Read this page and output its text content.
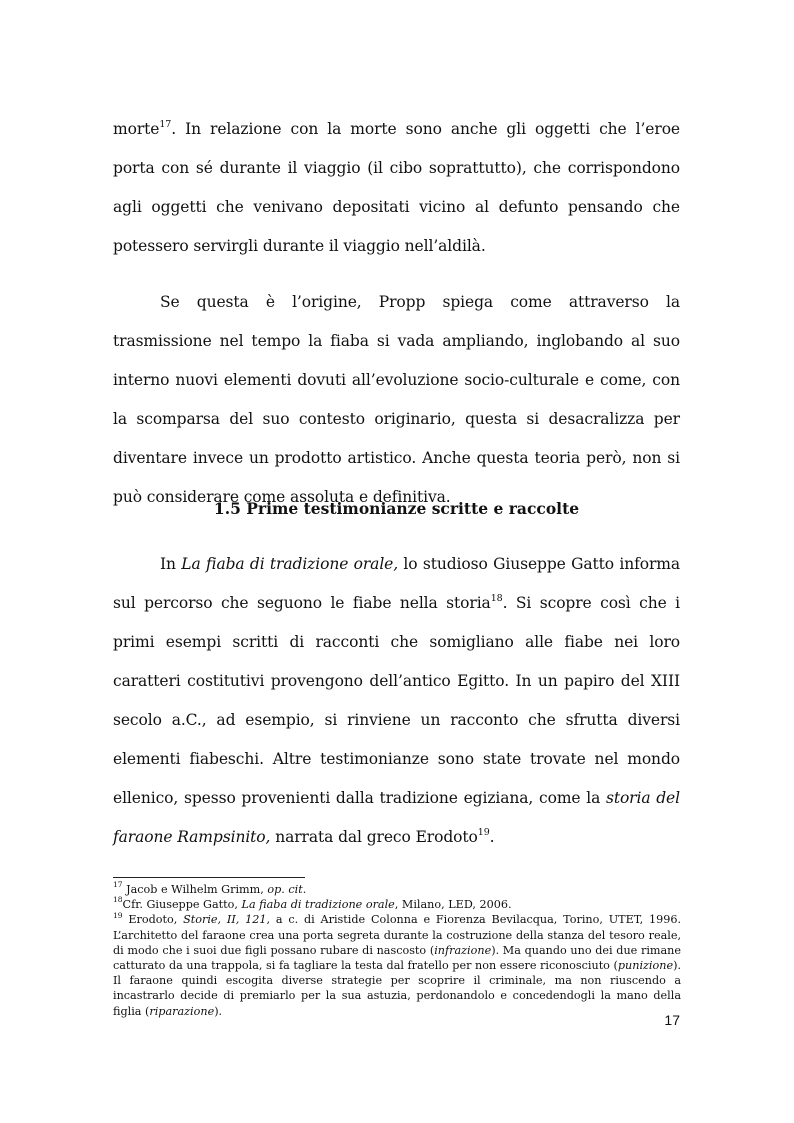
morte$^{17}$. In relazione con la morte sono anche gli oggetti che l’eroe porta con sé durante il viaggio (il cibo soprattutto), che corrispondono agli oggetti che venivano depositati vicino al defunto pensando che potessero servirgli durante il viaggio nell’aldilà.

Se questa è l’origine, Propp spiega come attraverso la trasmissione nel tempo la fiaba si vada ampliando, inglobando al suo interno nuovi elementi dovuti all’evoluzione socio-culturale e come, con la scomparsa del suo contesto originario, questa si desacralizza per diventare invece un prodotto artistico. Anche questa teoria però, non si può considerare come assoluta e definitiva.

1.5 Prime testimonianze scritte e raccolte

In La fiaba di tradizione orale, lo studioso Giuseppe Gatto informa sul percorso che seguono le fiabe nella storia$^{18}$. Si scopre così che i primi esempi scritti di racconti che somigliano alle fiabe nei loro caratteri costitutivi provengono dell’antico Egitto. In un papiro del XIII secolo a.C., ad esempio, si rinviene un racconto che sfrutta diversi elementi fiabeschi. Altre testimonianze sono state trovate nel mondo ellenico, spesso provenienti dalla tradizione egiziana, come la storia del faraone Rampsinito, narrata dal greco Erodoto$^{19}$.

$^{17}$ Jacob e Wilhelm Grimm, op. cit.

$^{18}$Cfr. Giuseppe Gatto, La fiaba di tradizione orale, Milano, LED, 2006.

$^{19}$ Erodoto, Storie, II, 121, a c. di Aristide Colonna e Fiorenza Bevilacqua, Torino, UTET, 1996. L’architetto del faraone crea una porta segreta durante la costruzione della stanza del tesoro reale, di modo che i suoi due figli possano rubare di nascosto (infrazione). Ma quando uno dei due rimane catturato da una trappola, si fa tagliare la testa dal fratello per non essere riconosciuto (punizione). Il faraone quindi escogita diverse strategie per scoprire il criminale, ma non riuscendo a incastrarlo decide di premiarlo per la sua astuzia, perdonandolo e concedendogli la mano della figlia (riparazione).

17
